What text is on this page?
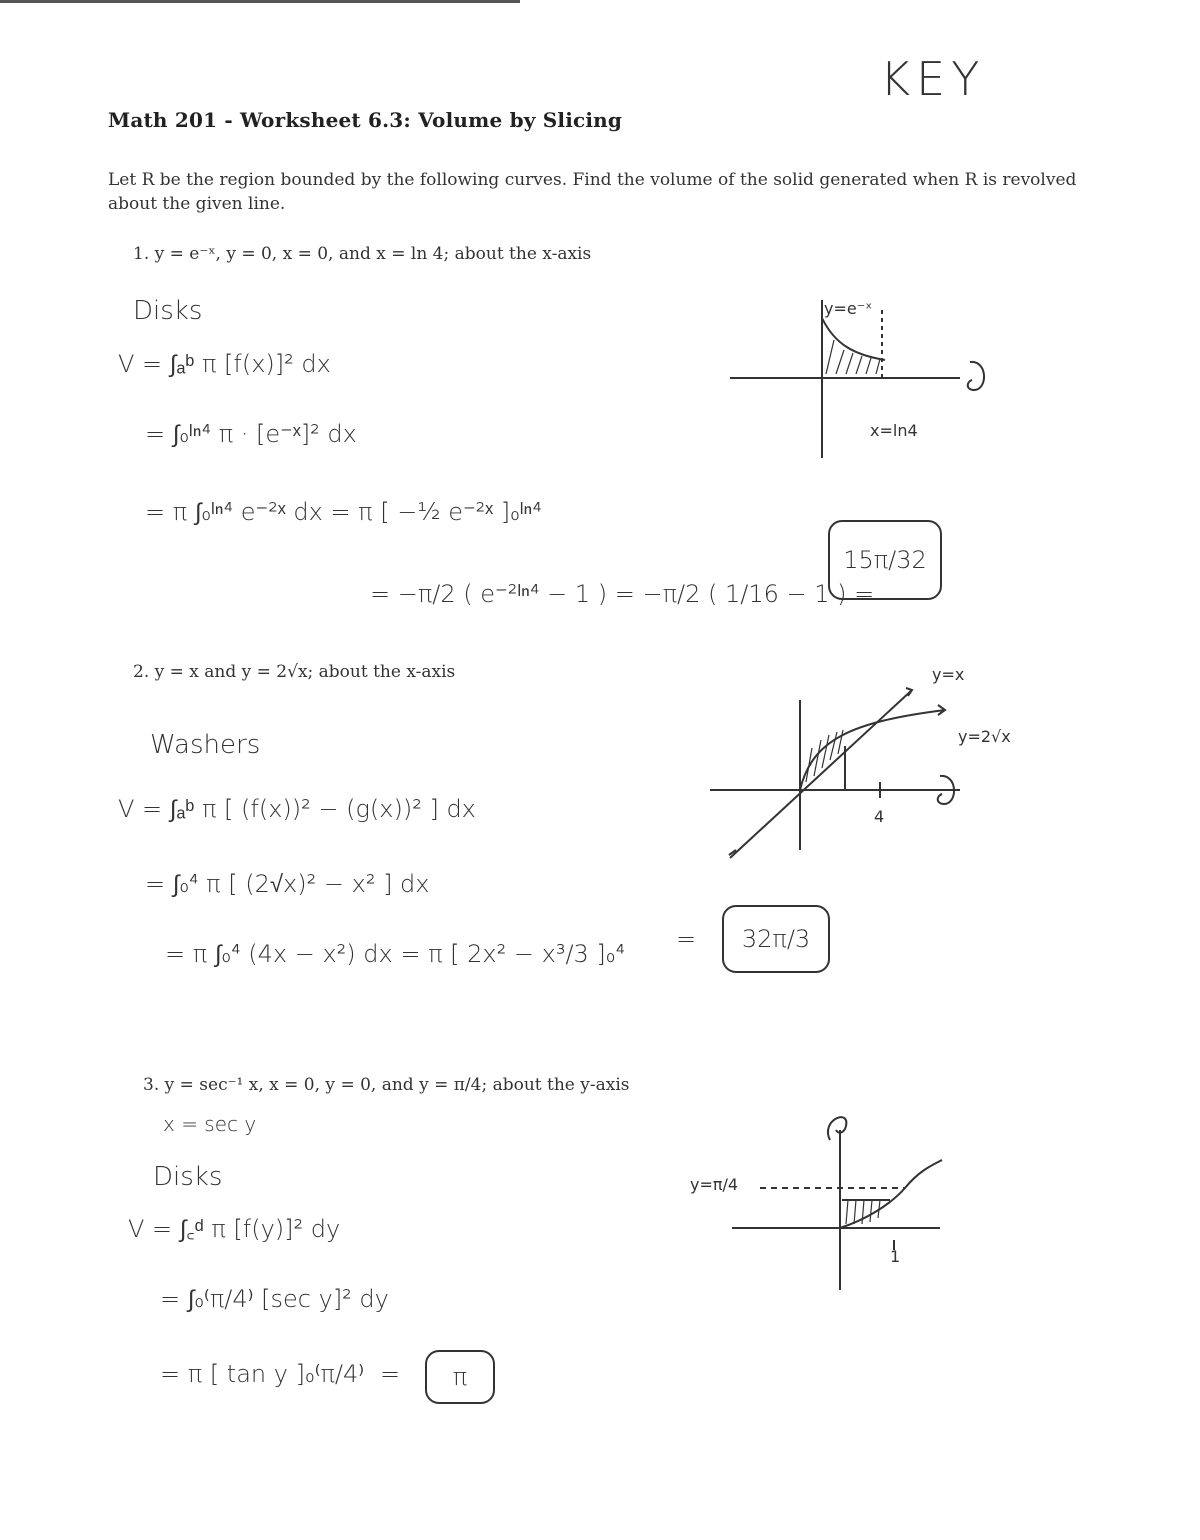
KEY
Math 201 - Worksheet 6.3: Volume by Slicing
Let R be the region bounded by the following curves. Find the volume of the solid generated when R is revolved about the given line.
1. y = e⁻ˣ, y = 0, x = 0, and x = ln 4; about the x-axis
Disks
V = ∫ₐᵇ π [f(x)]² dx
= ∫₀ˡⁿ⁴ π · [e⁻ˣ]² dx
= π ∫₀ˡⁿ⁴ e⁻²ˣ dx = π [ −½ e⁻²ˣ ]₀ˡⁿ⁴
= −π/2 ( e⁻²ˡⁿ⁴ − 1 ) = −π/2 ( 1/16 − 1 ) =
15π/32
y=e⁻ˣ
x=ln4
2. y = x and y = 2√x; about the x-axis
Washers
V = ∫ₐᵇ π [ (f(x))² − (g(x))² ] dx
= ∫₀⁴ π [ (2√x)² − x² ] dx
= π ∫₀⁴ (4x − x²) dx = π [ 2x² − x³/3 ]₀⁴
=	32π/3
y=x
y=2√x
4
3. y = sec⁻¹ x, x = 0, y = 0, and y = π/4; about the y-axis
x = sec y
Disks
V = ∫꜀ᵈ π [f(y)]² dy
= ∫₀⁽π/4⁾ [sec y]² dy
= π [ tan y ]₀⁽π/4⁾ =	π
y=π/4
1
